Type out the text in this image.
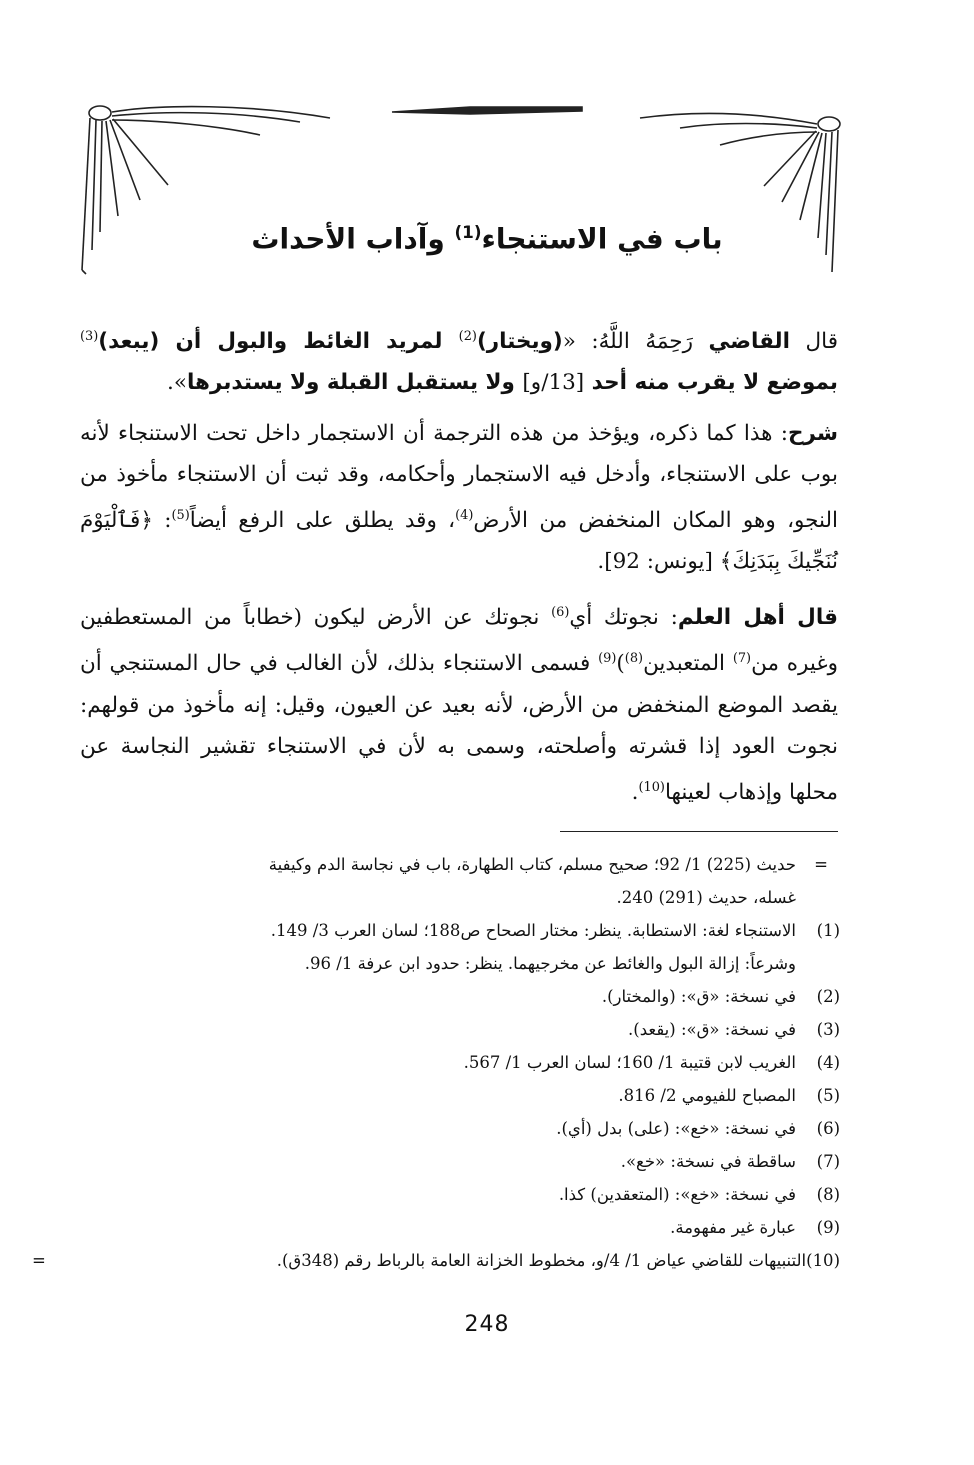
باب في الاستنجاء$^{(1)}$ وآداب الأحداث

قال القاضي رَحِمَهُ اللَّهُ: «(ويختار)$^{(2)}$ لمريد الغائط والبول أن (يبعد)$^{(3)}$ بموضع لا يقرب منه أحد [13/و] ولا يستقبل القبلة ولا يستدبرها».

شرح: هذا كما ذكره، ويؤخذ من هذه الترجمة أن الاستجمار داخل تحت الاستنجاء لأنه بوب على الاستنجاء، وأدخل فيه الاستجمار وأحكامه، وقد ثبت أن الاستنجاء مأخوذ من النجو، وهو المكان المنخفض من الأرض$^{(4)}$، وقد يطلق على الرفع أيضاً$^{(5)}$: ﴿فَٱلْيَوْمَ نُنَجِّيكَ بِبَدَنِكَ﴾ [يونس: 92].

قال أهل العلم: نجوتك أي$^{(6)}$ نجوتك عن الأرض ليكون (خطاباً من المستعطفين وغيره من$^{(7)}$ المتعبدين$^{(8)}$)$^{(9)}$ فسمى الاستنجاء بذلك، لأن الغالب في حال المستنجي أن يقصد الموضع المنخفض من الأرض، لأنه بعيد عن العيون، وقيل: إنه مأخوذ من قولهم: نجوت العود إذا قشرته وأصلحته، وسمى به لأن في الاستنجاء تقشير النجاسة عن محلها وإذهاب لعينها$^{(10)}$.

=
حديث (225) 1/ 92؛ صحيح مسلم، كتاب الطهارة، باب في نجاسة الدم وكيفية
غسله، حديث (291) 240.
(1)
الاستنجاء لغة: الاستطابة. ينظر: مختار الصحاح ص188؛ لسان العرب 3/ 149.
وشرعاً: إزالة البول والغائط عن مخرجيهما. ينظر: حدود ابن عرفة 1/ 96.
(2)
في نسخة: «ق»: (والمختار).
(3)
في نسخة: «ق»: (يقعد).
(4)
الغريب لابن قتيبة 1/ 160؛ لسان العرب 1/ 567.
(5)
المصباح للفيومي 2/ 816.
(6)
في نسخة: «خع»: (على) بدل (أي).
(7)
ساقطة في نسخة: «خع».
(8)
في نسخة: «خع»: (المتعقدين) كذا.
(9)
عبارة غير مفهومة.
(10)التنبيهات للقاضي عياض 1/ 4/و، مخطوط الخزانة العامة بالرباط رقم (348ق).
=
248
